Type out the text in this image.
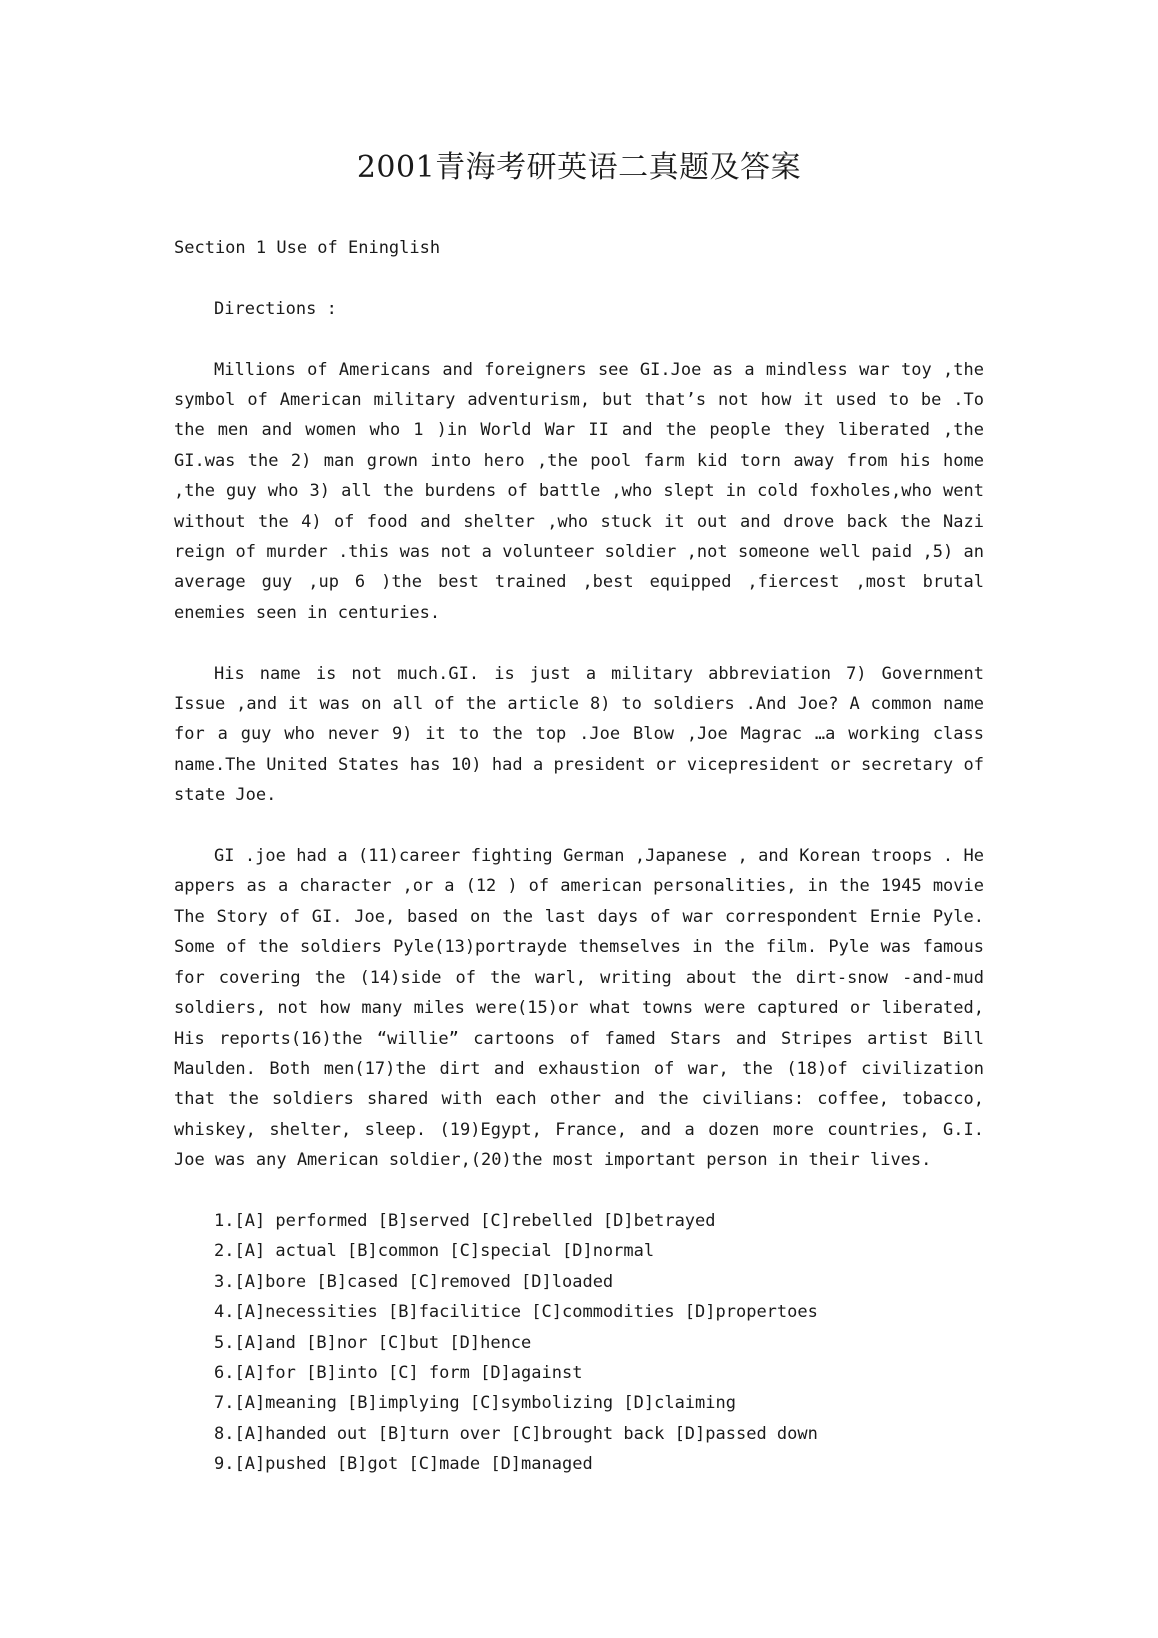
2001青海考研英语二真题及答案

Section 1 Use of Eninglish

Directions :

Millions of Americans and foreigners see GI.Joe as a mindless war toy ,the symbol of American military adventurism, but that’s not how it used to be .To the men and women who 1 )in World War II and the people they liberated ,the GI.was the 2) man grown into hero ,the pool farm kid torn away from his home ,the guy who 3) all the burdens of battle ,who slept in cold foxholes,who went without the 4) of food and shelter ,who stuck it out and drove back the Nazi reign of murder .this was not a volunteer soldier ,not someone well paid ,5) an average guy ,up 6 )the best trained ,best equipped ,fiercest ,most brutal enemies seen in centuries.

His name is not much.GI. is just a military abbreviation 7) Government Issue ,and it was on all of the article 8) to soldiers .And Joe? A common name for a guy who never 9) it to the top .Joe Blow ,Joe Magrac …a working class name.The United States has 10) had a president or vicepresident or secretary of state Joe.

GI .joe had a (11)career fighting German ,Japanese , and Korean troops . He appers as a character ,or a (12 ) of american personalities, in the 1945 movie The Story of GI. Joe, based on the last days of war correspondent Ernie Pyle. Some of the soldiers Pyle(13)portrayde themselves in the film. Pyle was famous for covering the (14)side of the warl, writing about the dirt-snow -and-mud soldiers, not how many miles were(15)or what towns were captured or liberated, His reports(16)the “willie” cartoons of famed Stars and Stripes artist Bill Maulden. Both men(17)the dirt and exhaustion of war, the (18)of civilization that the soldiers shared with each other and the civilians: coffee, tobacco, whiskey, shelter, sleep. (19)Egypt, France, and a dozen more countries, G.I. Joe was any American soldier,(20)the most important person in their lives.

1.[A] performed [B]served [C]rebelled [D]betrayed
2.[A] actual [B]common [C]special [D]normal
3.[A]bore [B]cased [C]removed [D]loaded
4.[A]necessities [B]facilitice [C]commodities [D]propertoes
5.[A]and [B]nor [C]but [D]hence
6.[A]for [B]into [C] form [D]against
7.[A]meaning [B]implying [C]symbolizing [D]claiming
8.[A]handed out [B]turn over [C]brought back [D]passed down
9.[A]pushed [B]got [C]made [D]managed
